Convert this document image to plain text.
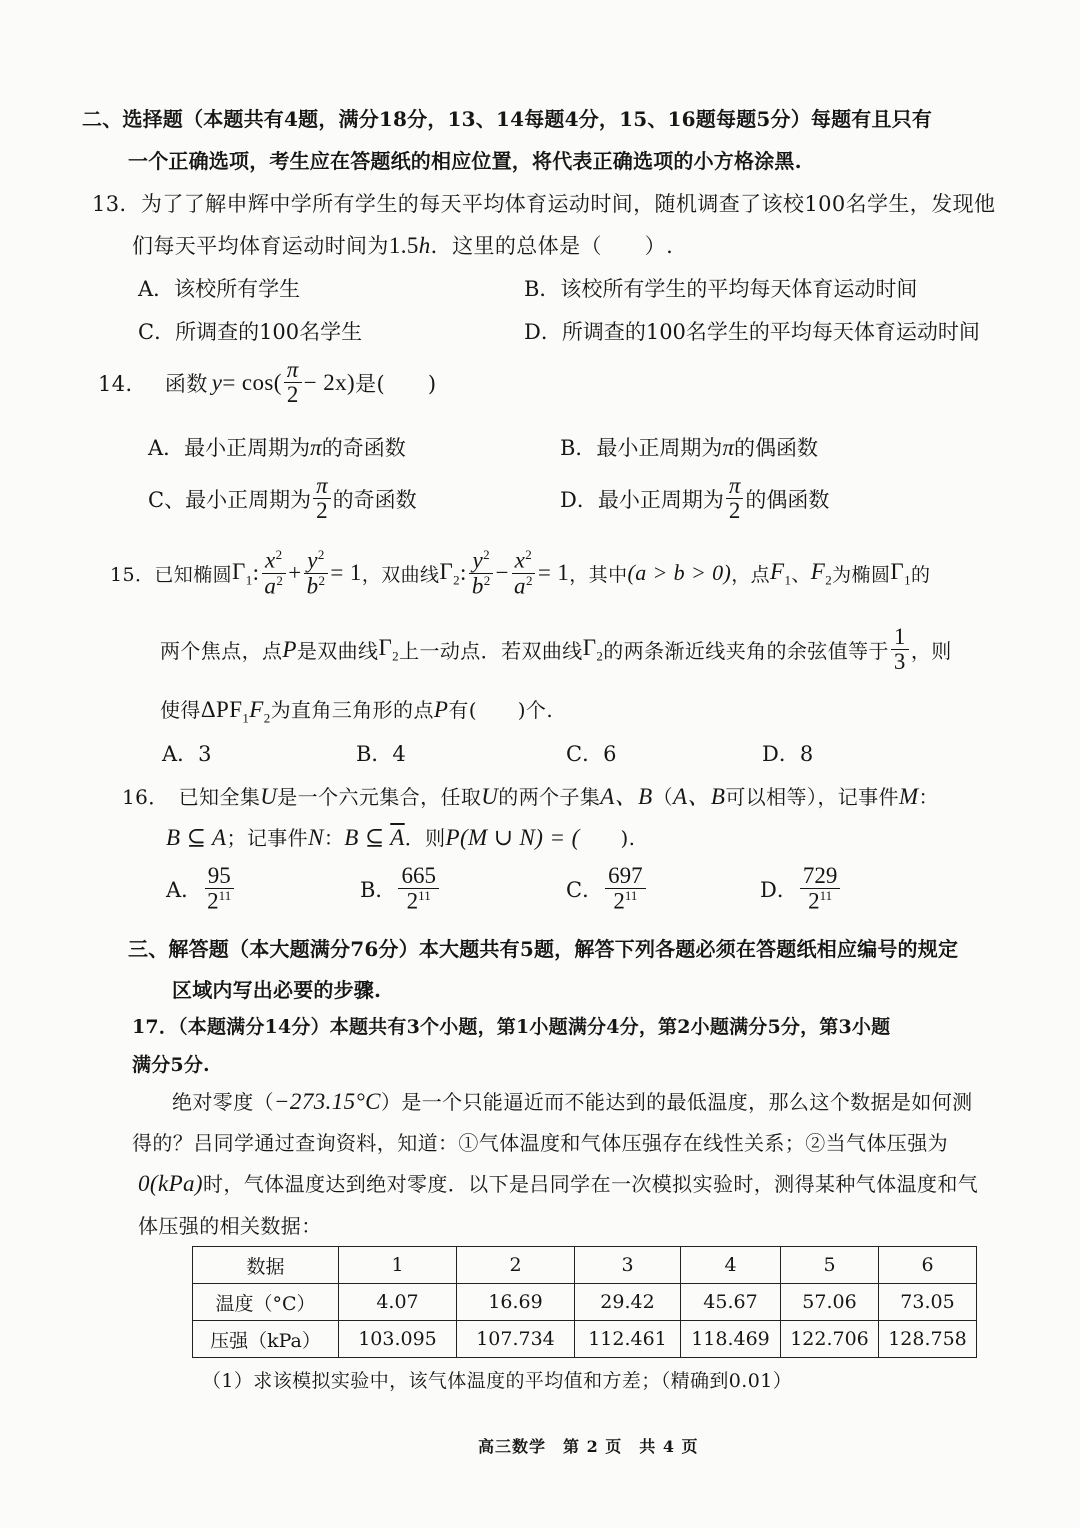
二、选择题（本题共有4题，满分18分，13、14每题4分，15、16题每题5分）每题有且只有
一个正确选项，考生应在答题纸的相应位置，将代表正确选项的小方格涂黑.
13．为了了解申辉中学所有学生的每天平均体育运动时间，随机调查了该校100名学生，发现他
们每天平均体育运动时间为1.5h．这里的总体是（　　）.
A．该校所有学生	B．该校所有学生的平均每天体育运动时间
C．所调查的100名学生	D．所调查的100名学生的平均每天体育运动时间
14． 函数 $y = \cos( \frac{\pi}{2} - 2x)$ 是(　　)
A．最小正周期为π的奇函数	B．最小正周期为π的偶函数
C、最小正周期为 $\frac{\pi}{2}$ 的奇函数	D．最小正周期为 $\frac{\pi}{2}$ 的偶函数
15． 已知椭圆 $\Gamma_1$ : $\frac{x^2}{a^2} + \frac{y^2}{b^2} = 1$ ，双曲线 $\Gamma_2$ : $\frac{y^2}{b^2} - \frac{x^2}{a^2} = 1$ ，其中 (a > b > 0) ，点 $F_1$ 、 $F_2$ 为椭圆 $\Gamma_1$ 的
两个焦点，点 P 是双曲线 $\Gamma_2$ 上一动点．若双曲线 $\Gamma_2$ 的两条渐近线夹角的余弦值等于 $\frac{1}{3}$ ，则
使得$\Delta PF_1F_2$为直角三角形的点P有(　　)个.
A．3	B．4	C．6	D．8
16． 已知全集U是一个六元集合，任取U的两个子集A、B（A、B可以相等），记事件M：
B ⊆ A；记事件N：B ⊆ $\overline{A}$．则P(M ∪ N) = (　　).
A． $\frac{95}{2^{11}}$	B． $\frac{665}{2^{11}}$	C． $\frac{697}{2^{11}}$	D． $\frac{729}{2^{11}}$
三、解答题（本大题满分76分）本大题共有5题，解答下列各题必须在答题纸相应编号的规定
区域内写出必要的步骤.
17．（本题满分14分）本题共有3个小题，第1小题满分4分，第2小题满分5分，第3小题
满分5分.
绝对零度（−273.15°C）是一个只能逼近而不能达到的最低温度，那么这个数据是如何测
得的？吕同学通过查询资料，知道：①气体温度和气体压强存在线性关系；②当气体压强为
0(kPa)时，气体温度达到绝对零度．以下是吕同学在一次模拟实验时，测得某种气体温度和气
体压强的相关数据：
数据	1	2	3	4	5	6
温度（°C）	4.07	16.69	29.42	45.67	57.06	73.05
压强（kPa）	103.095	107.734	112.461	118.469	122.706	128.758
（1）求该模拟实验中，该气体温度的平均值和方差；（精确到0.01）
高三数学　第 2 页　共 4 页
